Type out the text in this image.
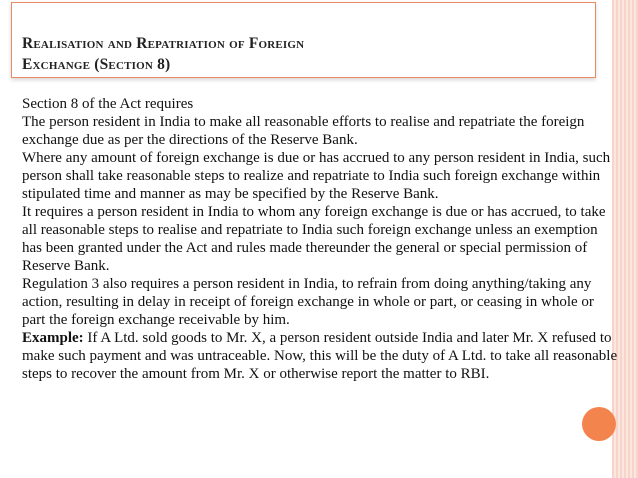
Realisation and Repatriation of Foreign
Exchange (Section 8)

Section 8 of the Act requires

The person resident in India to make all reasonable efforts to realise and repatriate the foreign exchange due as per the directions of the Reserve Bank.

Where any amount of foreign exchange is due or has accrued to any person resident in India, such person shall take reasonable steps to realize and repatriate to India such foreign exchange within stipulated time and manner as may be specified by the Reserve Bank.

It requires a person resident in India to whom any foreign exchange is due or has accrued, to take all reasonable steps to realise and repatriate to India such foreign exchange unless an exemption has been granted under the Act and rules made thereunder the general or special permission of Reserve Bank.

Regulation 3 also requires a person resident in India, to refrain from doing anything/taking any action, resulting in delay in receipt of foreign exchange in whole or part, or ceasing in whole or part the foreign exchange receivable by him.

Example: If A Ltd. sold goods to Mr. X, a person resident outside India and later Mr. X refused to make such payment and was untraceable. Now, this will be the duty of A Ltd. to take all reasonable steps to recover the amount from Mr. X or otherwise report the matter to RBI.
